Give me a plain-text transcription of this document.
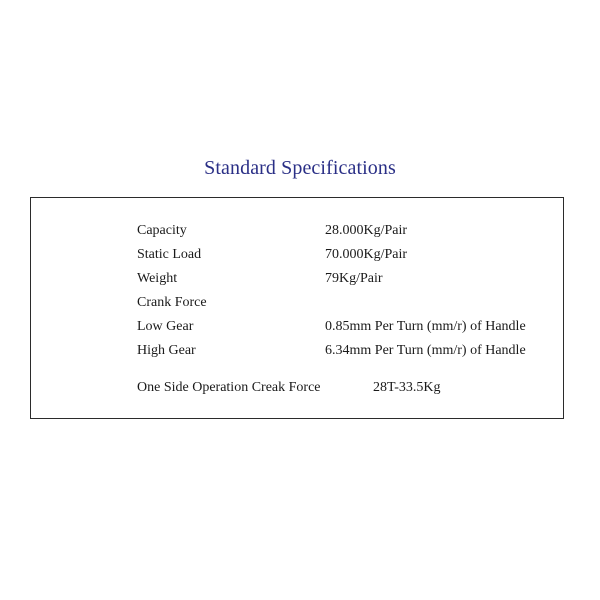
Standard Specifications
Capacity	28.000Kg/Pair
Static Load	70.000Kg/Pair
Weight	79Kg/Pair
Crank Force
Low Gear	0.85mm Per Turn (mm/r) of Handle
High Gear	6.34mm Per Turn (mm/r) of Handle
One Side Operation Creak Force	28T-33.5Kg
